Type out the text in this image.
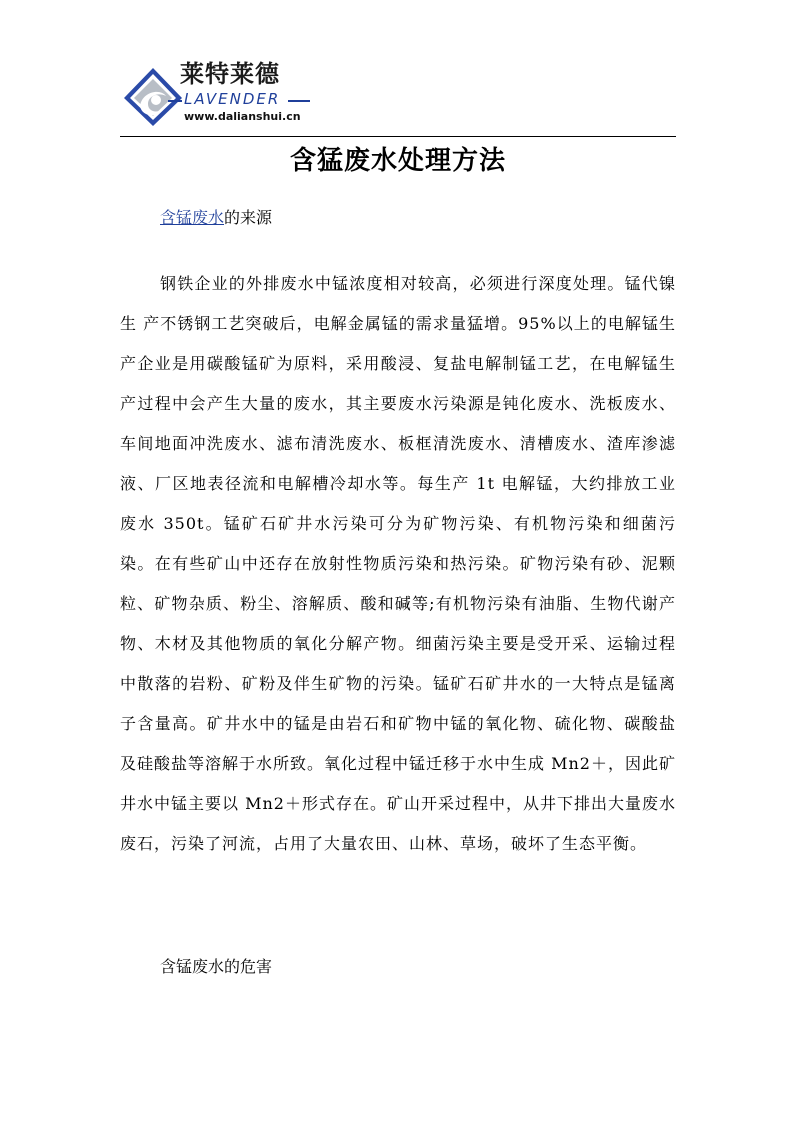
莱特莱德
LAVENDER
www.dalianshui.cn
含猛废水处理方法
含锰废水的来源

钢铁企业的外排废水中锰浓度相对较高，必须进行深度处理。锰代镍生 产不锈钢工艺突破后，电解金属锰的需求量猛增。95%以上的电解锰生产企业是用碳酸锰矿为原料，采用酸浸、复盐电解制锰工艺，在电解锰生产过程中会产生大量的废水，其主要废水污染源是钝化废水、洗板废水、车间地面冲洗废水、滤布清洗废水、板框清洗废水、清槽废水、渣库渗滤液、厂区地表径流和电解槽冷却水等。每生产 1t 电解锰，大约排放工业废水 350t。锰矿石矿井水污染可分为矿物污染、有机物污染和细菌污染。在有些矿山中还存在放射性物质污染和热污染。矿物污染有砂、泥颗粒、矿物杂质、粉尘、溶解质、酸和碱等;有机物污染有油脂、生物代谢产物、木材及其他物质的氧化分解产物。细菌污染主要是受开采、运输过程中散落的岩粉、矿粉及伴生矿物的污染。锰矿石矿井水的一大特点是锰离子含量高。矿井水中的锰是由岩石和矿物中锰的氧化物、硫化物、碳酸盐及硅酸盐等溶解于水所致。氧化过程中锰迁移于水中生成 Mn2＋，因此矿井水中锰主要以 Mn2＋形式存在。矿山开采过程中，从井下排出大量废水废石，污染了河流，占用了大量农田、山林、草场，破坏了生态平衡。

含锰废水的危害
